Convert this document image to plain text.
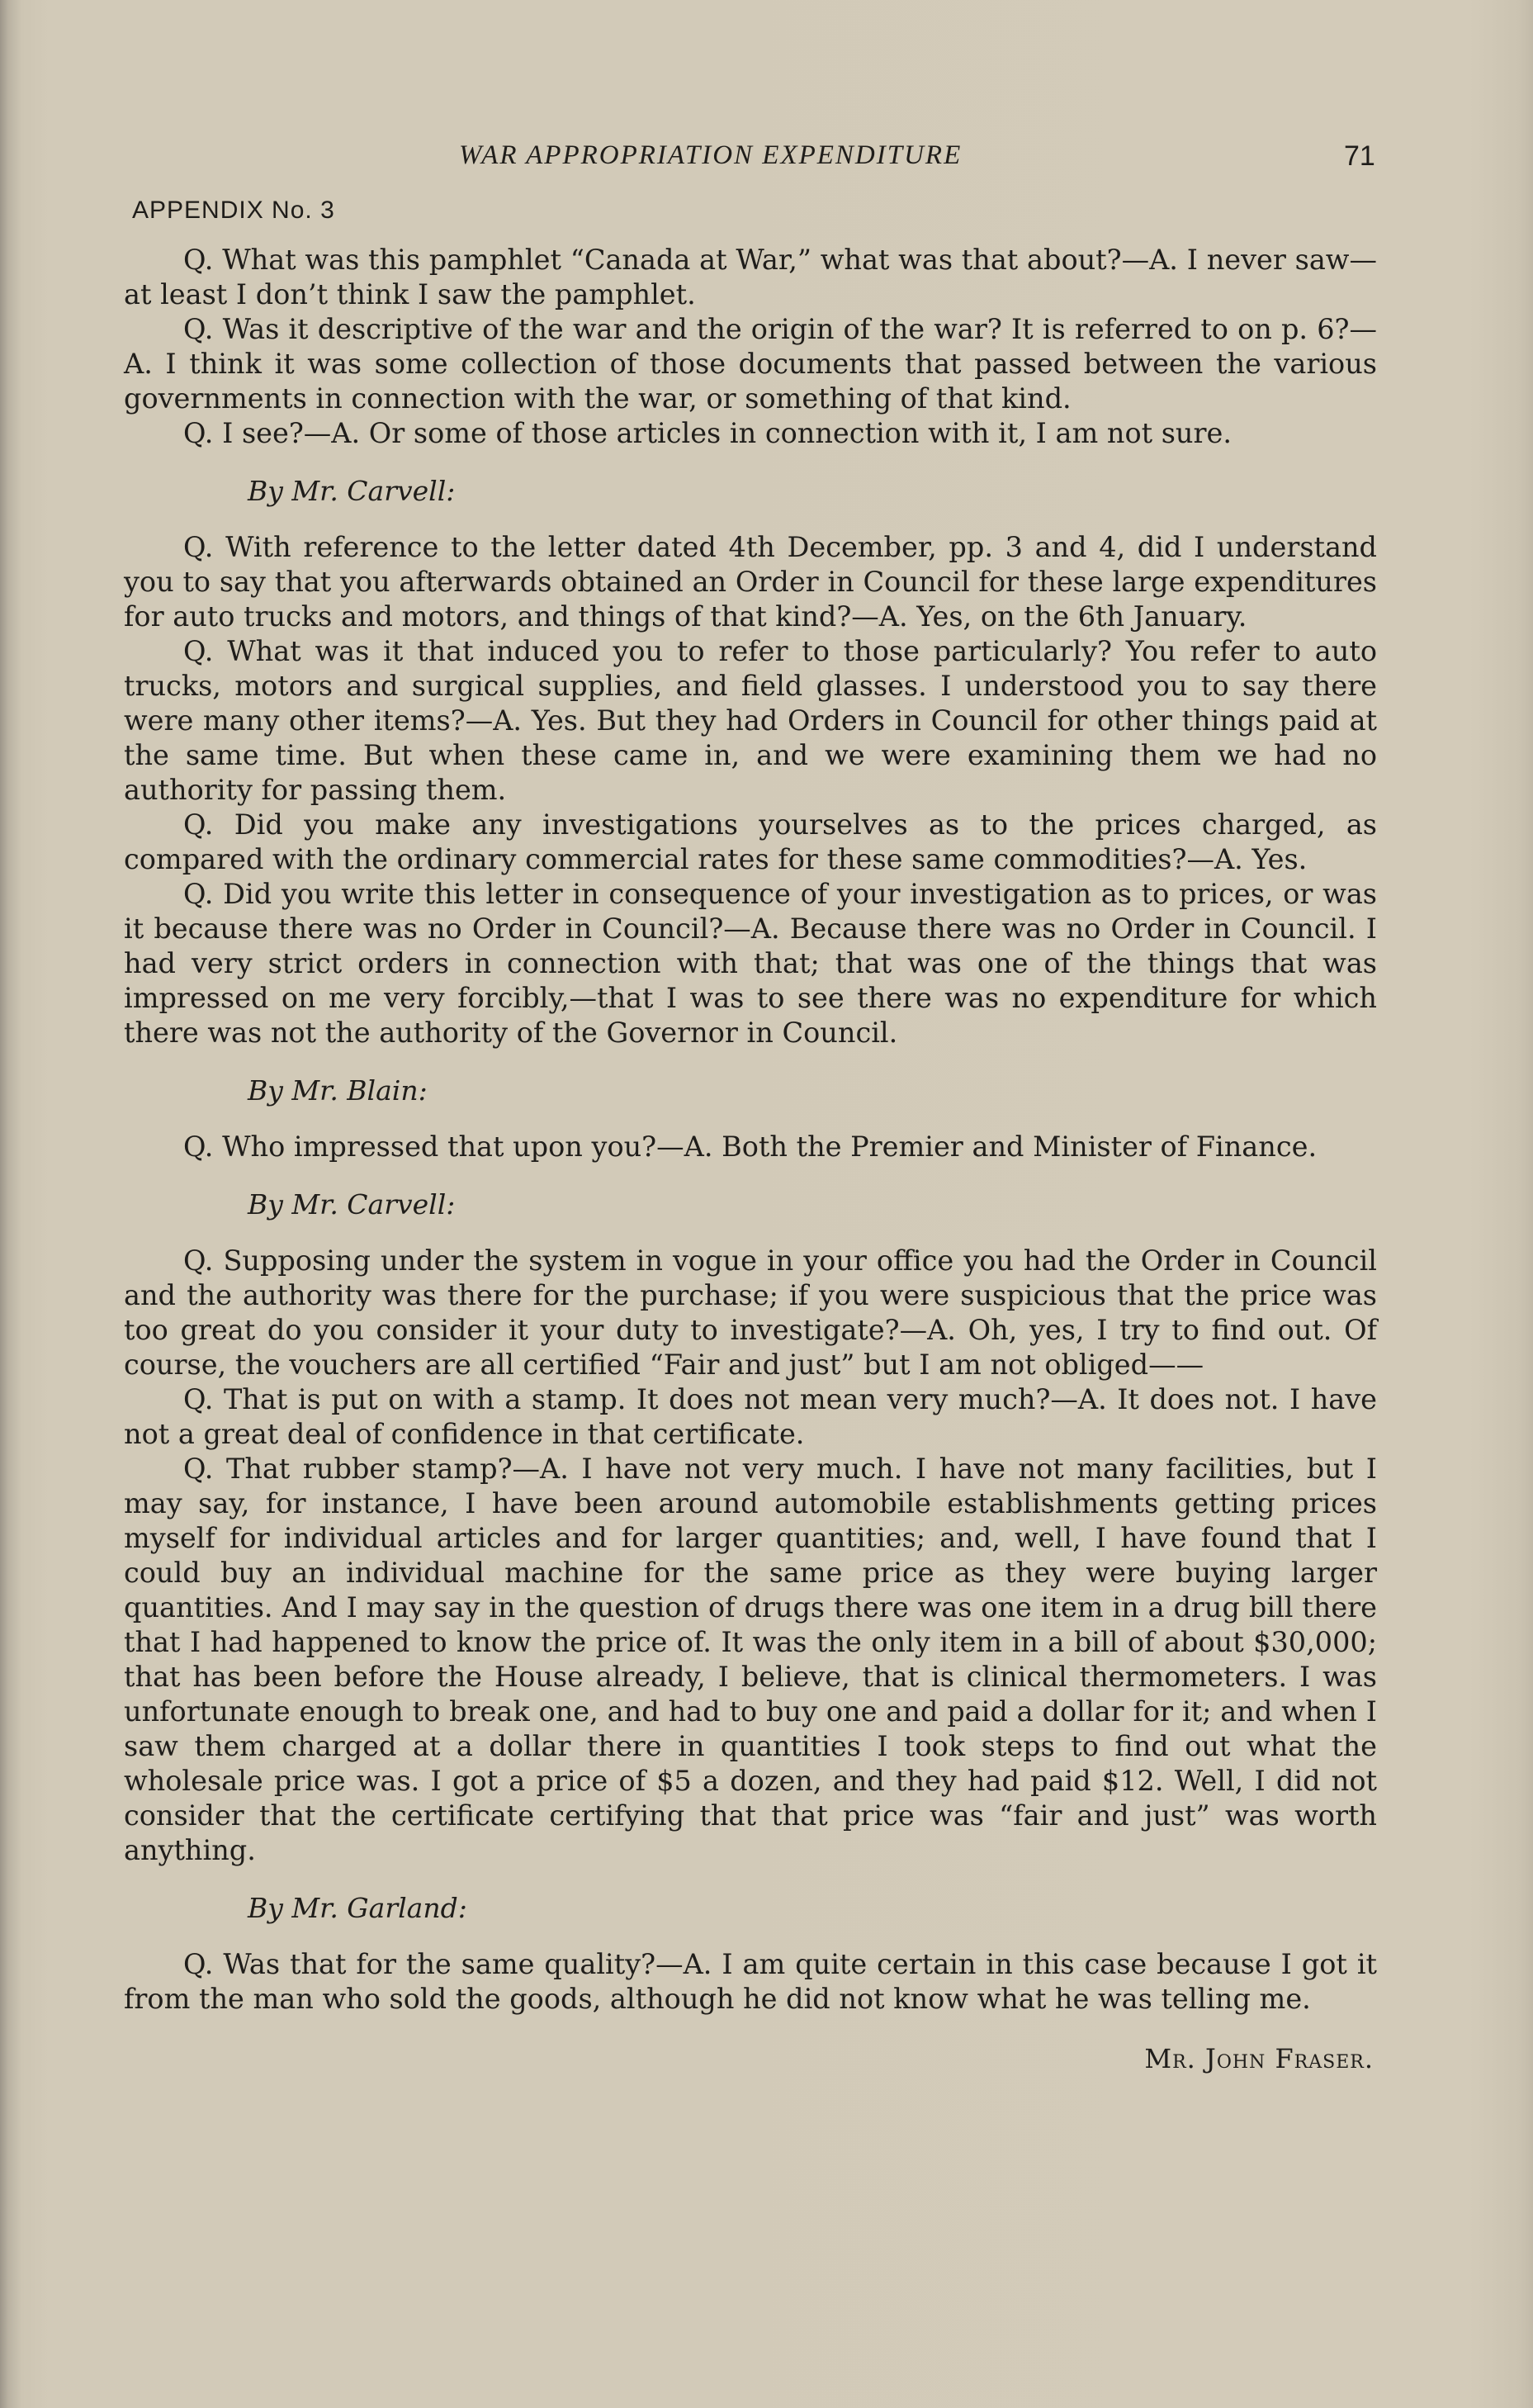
WAR APPROPRIATION EXPENDITURE	71
APPENDIX No. 3

Q. What was this pamphlet “Canada at War,” what was that about?—A. I never saw—at least I don’t think I saw the pamphlet.

Q. Was it descriptive of the war and the origin of the war? It is referred to on p. 6?—A. I think it was some collection of those documents that passed between the various governments in connection with the war, or something of that kind.

Q. I see?—A. Or some of those articles in connection with it, I am not sure.

By Mr. Carvell:

Q. With reference to the letter dated 4th December, pp. 3 and 4, did I understand you to say that you afterwards obtained an Order in Council for these large expenditures for auto trucks and motors, and things of that kind?—A. Yes, on the 6th January.

Q. What was it that induced you to refer to those particularly? You refer to auto trucks, motors and surgical supplies, and field glasses. I understood you to say there were many other items?—A. Yes. But they had Orders in Council for other things paid at the same time. But when these came in, and we were examining them we had no authority for passing them.

Q. Did you make any investigations yourselves as to the prices charged, as compared with the ordinary commercial rates for these same commodities?—A. Yes.

Q. Did you write this letter in consequence of your investigation as to prices, or was it because there was no Order in Council?—A. Because there was no Order in Council. I had very strict orders in connection with that; that was one of the things that was impressed on me very forcibly,—that I was to see there was no expenditure for which there was not the authority of the Governor in Council.

By Mr. Blain:

Q. Who impressed that upon you?—A. Both the Premier and Minister of Finance.

By Mr. Carvell:

Q. Supposing under the system in vogue in your office you had the Order in Council and the authority was there for the purchase; if you were suspicious that the price was too great do you consider it your duty to investigate?—A. Oh, yes, I try to find out. Of course, the vouchers are all certified “Fair and just” but I am not obliged——

Q. That is put on with a stamp. It does not mean very much?—A. It does not. I have not a great deal of confidence in that certificate.

Q. That rubber stamp?—A. I have not very much. I have not many facilities, but I may say, for instance, I have been around automobile establishments getting prices myself for individual articles and for larger quantities; and, well, I have found that I could buy an individual machine for the same price as they were buying larger quantities. And I may say in the question of drugs there was one item in a drug bill there that I had happened to know the price of. It was the only item in a bill of about $30,000; that has been before the House already, I believe, that is clinical thermometers. I was unfortunate enough to break one, and had to buy one and paid a dollar for it; and when I saw them charged at a dollar there in quantities I took steps to find out what the wholesale price was. I got a price of $5 a dozen, and they had paid $12. Well, I did not consider that the certificate certifying that that price was “fair and just” was worth anything.

By Mr. Garland:

Q. Was that for the same quality?—A. I am quite certain in this case because I got it from the man who sold the goods, although he did not know what he was telling me.

Mr. John Fraser.
